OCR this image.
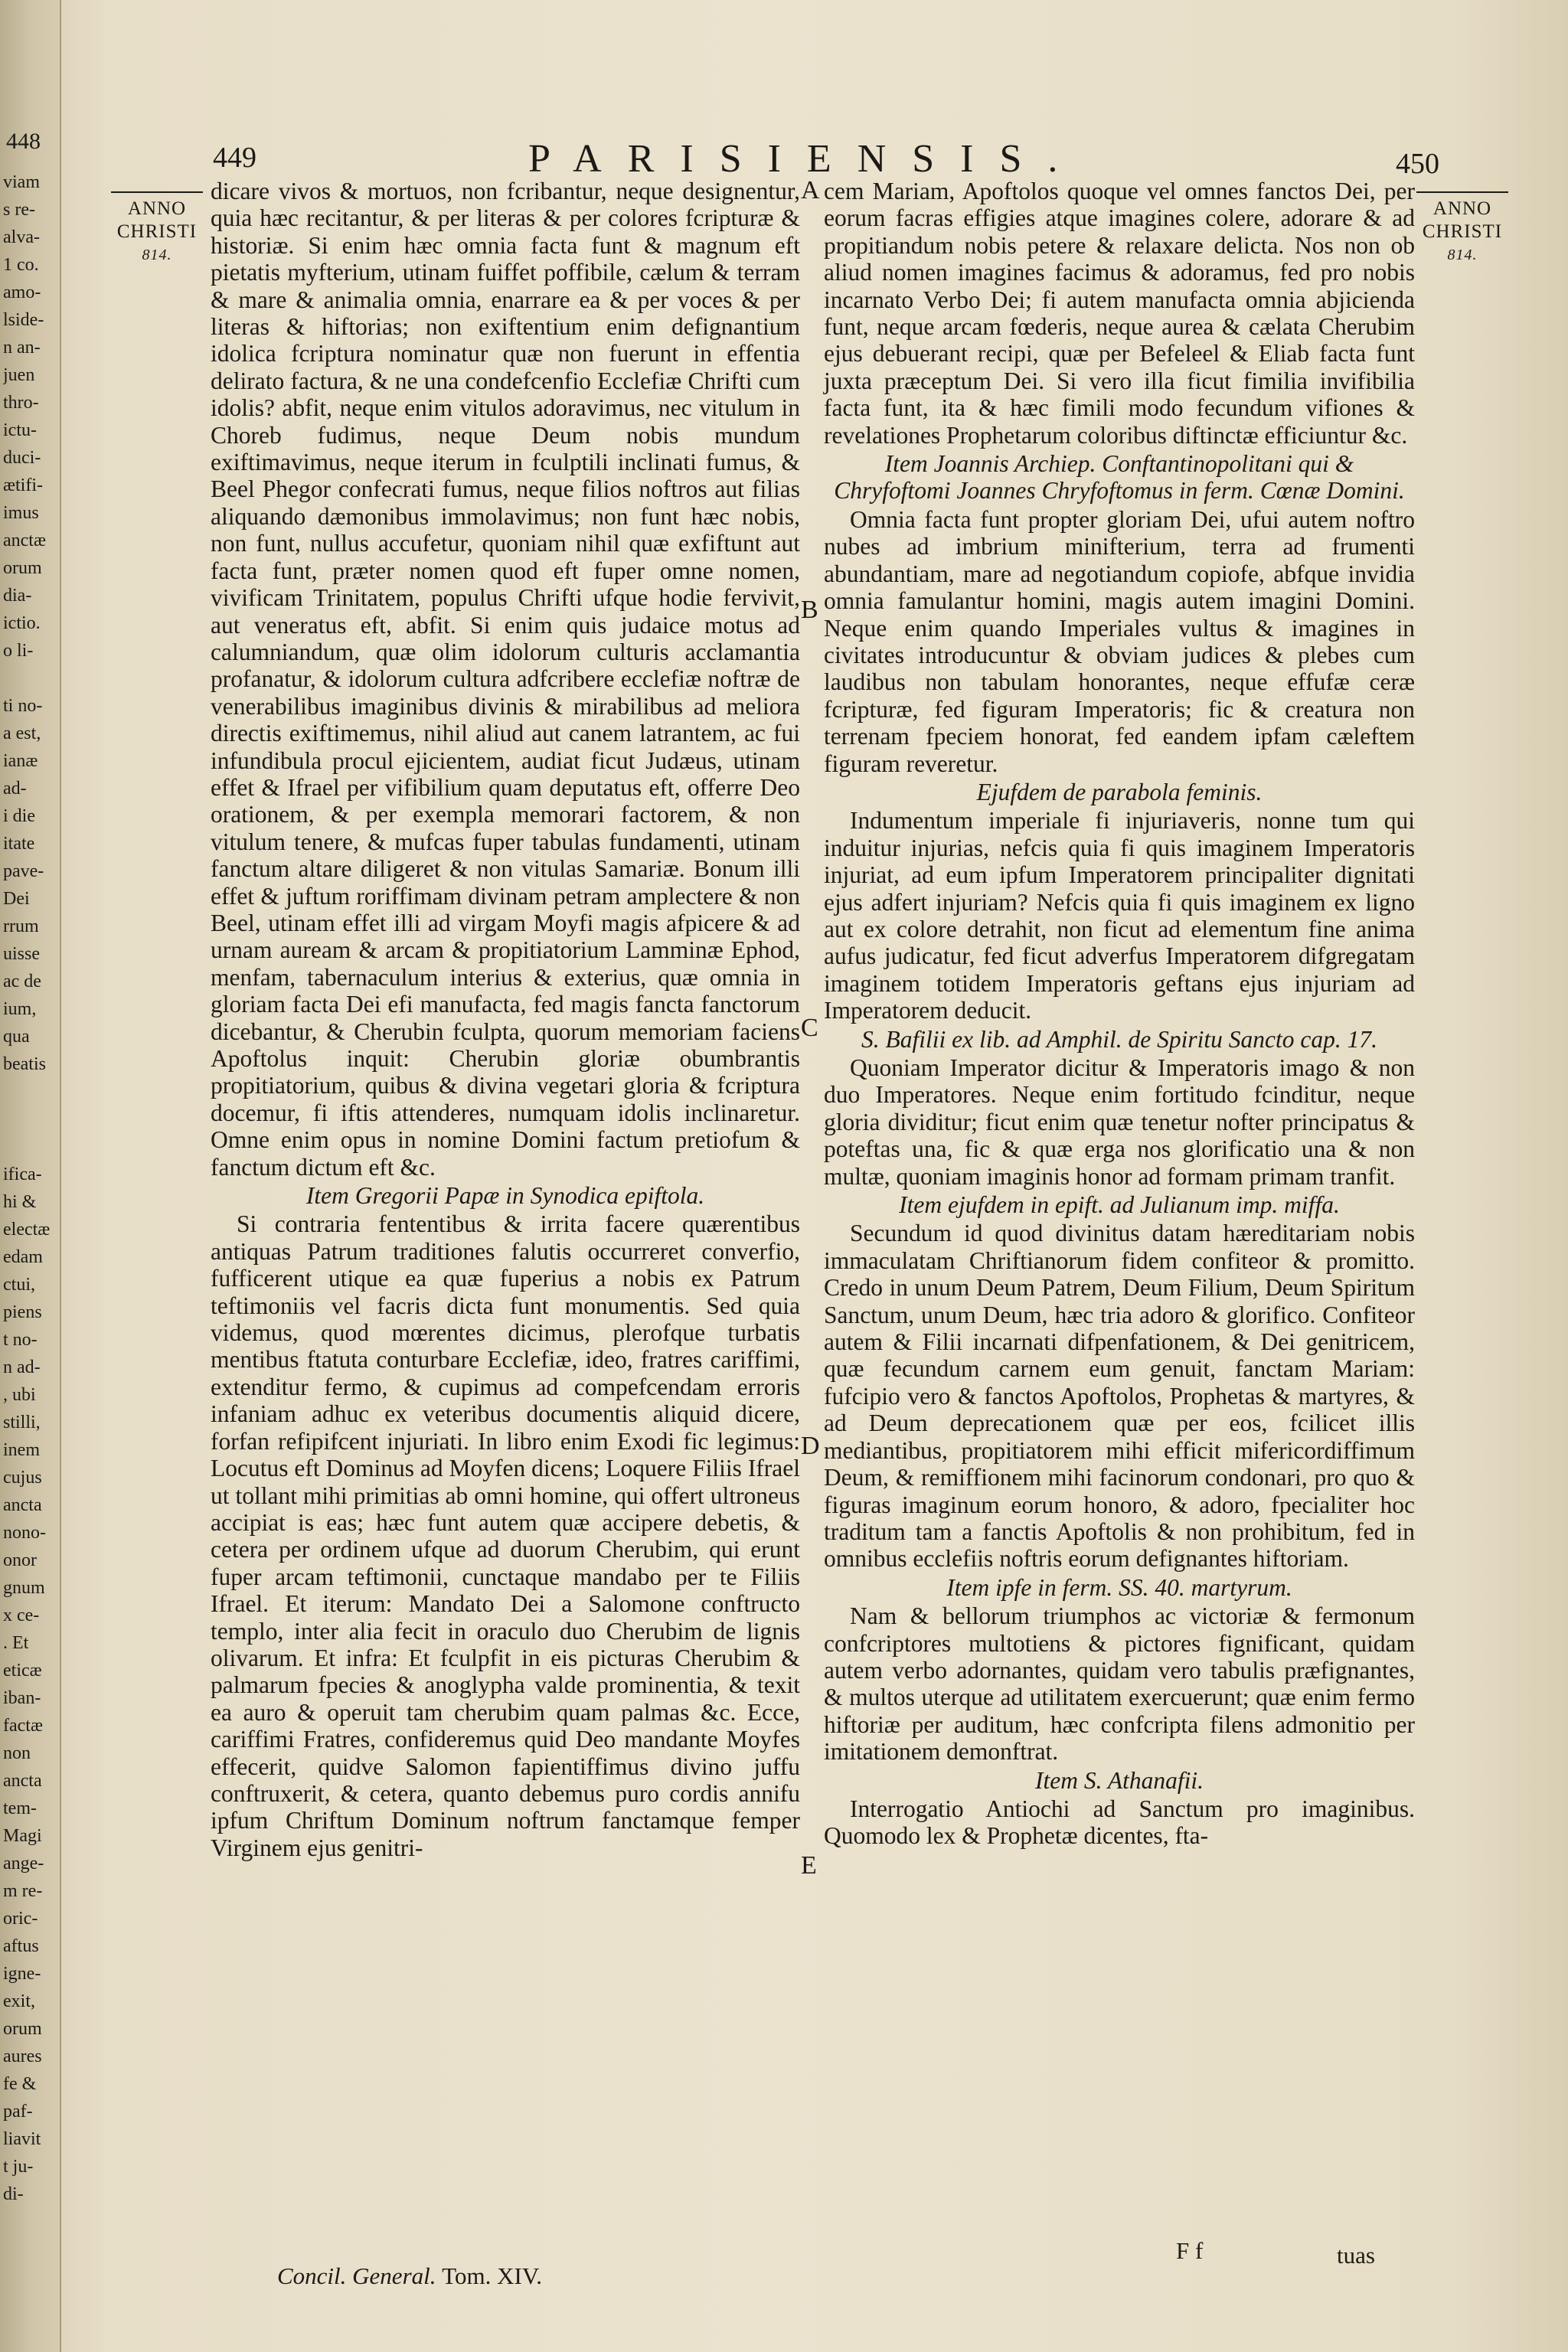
448
viam
s re-
alva-
1 co.
amo-
lside-
n an-
juen
thro-
ictu-
duci-
ætifi-
imus
anctæ
orum
dia-
ictio.
o li-
ti no-
a est,
ianæ
ad-
i die
itate
pave-
Dei
rrum
uisse
ac de
ium,
qua
beatis
ifica-
hi &
electæ
edam
ctui,
piens
t no-
n ad-
, ubi
stilli,
inem
cujus
ancta
nono-
onor
gnum
x ce-
. Et
eticæ
iban-
factæ
non
ancta
tem-
Magi
ange-
m re-
oric-
aftus
igne-
exit,
orum
aures
fe &
paf-
liavit
t ju-
di-
449	PARISIENSIS.	450
ANNO
CHRISTI
814.
ANNO
CHRISTI
814.

dicare vivos & mortuos, non fcribantur, neque designentur, quia hæc recitantur, & per literas & per colores fcripturæ & historiæ. Si enim hæc omnia facta funt & magnum eft pietatis myfterium, utinam fuiffet poffibile, cælum & terram & mare & animalia omnia, enarrare ea & per voces & per literas & hiftorias; non exiftentium enim defignantium idolica fcriptura nominatur quæ non fuerunt in effentia delirato factura, & ne una condefcenfio Ecclefiæ Chrifti cum idolis? abfit, neque enim vitulos adoravimus, nec vitulum in Choreb fudimus, neque Deum nobis mundum exiftimavimus, neque iterum in fculptili inclinati fumus, & Beel Phegor confecrati fumus, neque filios noftros aut filias aliquando dæmonibus immolavimus; non funt hæc nobis, non funt, nullus accufetur, quoniam nihil quæ exfiftunt aut facta funt, præter nomen quod eft fuper omne nomen, vivificam Trinitatem, populus Chrifti ufque hodie fervivit, aut veneratus eft, abfit. Si enim quis judaice motus ad calumniandum, quæ olim idolorum culturis acclamantia profanatur, & idolorum cultura adfcribere ecclefiæ noftræ de venerabilibus imaginibus divinis & mirabilibus ad meliora directis exiftimemus, nihil aliud aut canem latrantem, ac fui infundibula procul ejicientem, audiat ficut Judæus, utinam effet & Ifrael per vifibilium quam deputatus eft, offerre Deo orationem, & per exempla memorari factorem, & non vitulum tenere, & mufcas fuper tabulas fundamenti, utinam fanctum altare diligeret & non vitulas Samariæ. Bonum illi effet & juftum roriffimam divinam petram amplectere & non Beel, utinam effet illi ad virgam Moyfi magis afpicere & ad urnam auream & arcam & propitiatorium Lamminæ Ephod, menfam, tabernaculum interius & exterius, quæ omnia in gloriam facta Dei efi manufacta, fed magis fancta fanctorum dicebantur, & Cherubin fculpta, quorum memoriam faciens Apoftolus inquit: Cherubin gloriæ obumbrantis propitiatorium, quibus & divina vegetari gloria & fcriptura docemur, fi iftis attenderes, numquam idolis inclinaretur. Omne enim opus in nomine Domini factum pretiofum & fanctum dictum eft &c.

Item Gregorii Papæ in Synodica epiftola.

Si contraria fententibus & irrita facere quærentibus antiquas Patrum traditiones falutis occurreret converfio, fufficerent utique ea quæ fuperius a nobis ex Patrum teftimoniis vel facris dicta funt monumentis. Sed quia videmus, quod mœrentes dicimus, plerofque turbatis mentibus ftatuta conturbare Ecclefiæ, ideo, fratres cariffimi, extenditur fermo, & cupimus ad compefcendam erroris infaniam adhuc ex veteribus documentis aliquid dicere, forfan refipifcent injuriati. In libro enim Exodi fic legimus: Locutus eft Dominus ad Moyfen dicens; Loquere Filiis Ifrael ut tollant mihi primitias ab omni homine, qui offert ultroneus accipiat is eas; hæc funt autem quæ accipere debetis, & cetera per ordinem ufque ad duorum Cherubim, qui erunt fuper arcam teftimonii, cunctaque mandabo per te Filiis Ifrael. Et iterum: Mandato Dei a Salomone conftructo templo, inter alia fecit in oraculo duo Cherubim de lignis olivarum. Et infra: Et fculpfit in eis picturas Cherubim & palmarum fpecies & anoglypha valde prominentia, & texit ea auro & operuit tam cherubim quam palmas &c. Ecce, cariffimi Fratres, confideremus quid Deo mandante Moyfes effecerit, quidve Salomon fapientiffimus divino juffu conftruxerit, & cetera, quanto debemus puro cordis annifu ipfum Chriftum Dominum noftrum fanctamque femper Virginem ejus genitri-

cem Mariam, Apoftolos quoque vel omnes fanctos Dei, per eorum facras effigies atque imagines colere, adorare & ad propitiandum nobis petere & relaxare delicta. Nos non ob aliud nomen imagines facimus & adoramus, fed pro nobis incarnato Verbo Dei; fi autem manufacta omnia abjicienda funt, neque arcam fœderis, neque aurea & cælata Cherubim ejus debuerant recipi, quæ per Befeleel & Eliab facta funt juxta præceptum Dei. Si vero illa ficut fimilia invifibilia facta funt, ita & hæc fimili modo fecundum vifiones & revelationes Prophetarum coloribus diftinctæ efficiuntur &c.

Item Joannis Archiep. Conftantinopolitani qui & Chryfoftomi Joannes Chryfoftomus in ferm. Cœnæ Domini.

Omnia facta funt propter gloriam Dei, ufui autem noftro nubes ad imbrium minifterium, terra ad frumenti abundantiam, mare ad negotiandum copiofe, abfque invidia omnia famulantur homini, magis autem imagini Domini. Neque enim quando Imperiales vultus & imagines in civitates introducuntur & obviam judices & plebes cum laudibus non tabulam honorantes, neque effufæ ceræ fcripturæ, fed figuram Imperatoris; fic & creatura non terrenam fpeciem honorat, fed eandem ipfam cæleftem figuram reveretur.

Ejufdem de parabola feminis.

Indumentum imperiale fi injuriaveris, nonne tum qui induitur injurias, nefcis quia fi quis imaginem Imperatoris injuriat, ad eum ipfum Imperatorem principaliter dignitati ejus adfert injuriam? Nefcis quia fi quis imaginem ex ligno aut ex colore detrahit, non ficut ad elementum fine anima aufus judicatur, fed ficut adverfus Imperatorem difgregatam imaginem totidem Imperatoris geftans ejus injuriam ad Imperatorem deducit.

S. Bafilii ex lib. ad Amphil. de Spiritu Sancto cap. 17.

Quoniam Imperator dicitur & Imperatoris imago & non duo Imperatores. Neque enim fortitudo fcinditur, neque gloria dividitur; ficut enim quæ tenetur nofter principatus & poteftas una, fic & quæ erga nos glorificatio una & non multæ, quoniam imaginis honor ad formam primam tranfit.

Item ejufdem in epift. ad Julianum imp. miffa.

Secundum id quod divinitus datam hæreditariam nobis immaculatam Chriftianorum fidem confiteor & promitto. Credo in unum Deum Patrem, Deum Filium, Deum Spiritum Sanctum, unum Deum, hæc tria adoro & glorifico. Confiteor autem & Filii incarnati difpenfationem, & Dei genitricem, quæ fecundum carnem eum genuit, fanctam Mariam: fufcipio vero & fanctos Apoftolos, Prophetas & martyres, & ad Deum deprecationem quæ per eos, fcilicet illis mediantibus, propitiatorem mihi efficit mifericordiffimum Deum, & remiffionem mihi facinorum condonari, pro quo & figuras imaginum eorum honoro, & adoro, fpecialiter hoc traditum tam a fanctis Apoftolis & non prohibitum, fed in omnibus ecclefiis noftris eorum defignantes hiftoriam.

Item ipfe in ferm. SS. 40. martyrum.

Nam & bellorum triumphos ac victoriæ & fermonum confcriptores multotiens & pictores fignificant, quidam autem verbo adornantes, quidam vero tabulis præfignantes, & multos uterque ad utilitatem exercuerunt; quæ enim fermo hiftoriæ per auditum, hæc confcripta filens admonitio per imitationem demonftrat.

Item S. Athanafii.

Interrogatio Antiochi ad Sanctum pro imaginibus. Quomodo lex & Prophetæ dicentes, fta-

A
B
C
D
E
Concil. General. Tom. XIV.
F f	tuas
